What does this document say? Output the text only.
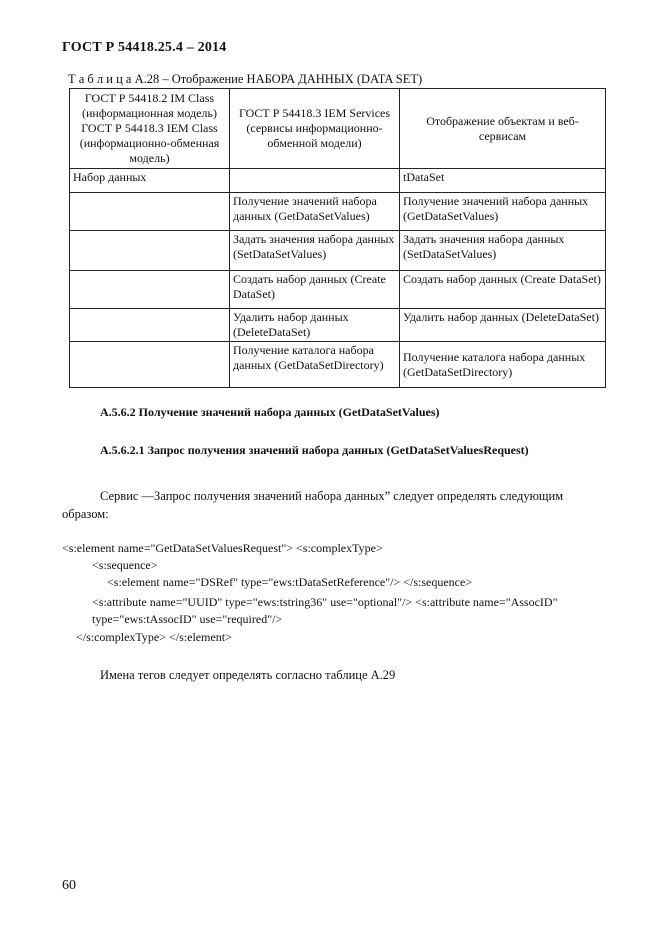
ГОСТ Р 54418.25.4 – 2014
Т а б л и ц а А.28 – Отображение НАБОРА ДАННЫХ (DATA SET)
ГОСТ Р 54418.2 IM Class (информационная модель) ГОСТ Р 54418.3 IEM Class (информационно-обменная модель)	ГОСТ Р 54418.3 IEM Services (сервисы информационно-обменной модели)	Отображение объектам и веб-сервисам
Набор данных		tDataSet
	Получение значений набора данных (GetDataSetValues)	Получение значений набора данных (GetDataSetValues)
	Задать значения набора данных (SetDataSetValues)	Задать значения набора данных (SetDataSetValues)
	Создать набор данных (Create DataSet)	Создать набор данных (Create DataSet)
	Удалить набор данных (DeleteDataSet)	Удалить набор данных (DeleteDataSet)
	Получение каталога набора данных (GetDataSetDirectory)	Получение каталога набора данных (GetDataSetDirectory)
А.5.6.2 Получение значений набора данных (GetDataSetValues)
А.5.6.2.1 Запрос получения значений набора данных (GetDataSetValuesRequest)
Сервис ―Запрос получения значений набора данных” следует определять следующим образом:
<s:element name="GetDataSetValuesRequest"> <s:complexType>
<s:sequence>
<s:element name="DSRef" type="ews:tDataSetReference"/> </s:sequence>
<s:attribute name="UUID" type="ews:tstring36" use="optional"/> <s:attribute name="AssocID"
type="ews:tAssocID" use="required"/>
</s:complexType> </s:element>
Имена тегов следует определять согласно таблице А.29
60
